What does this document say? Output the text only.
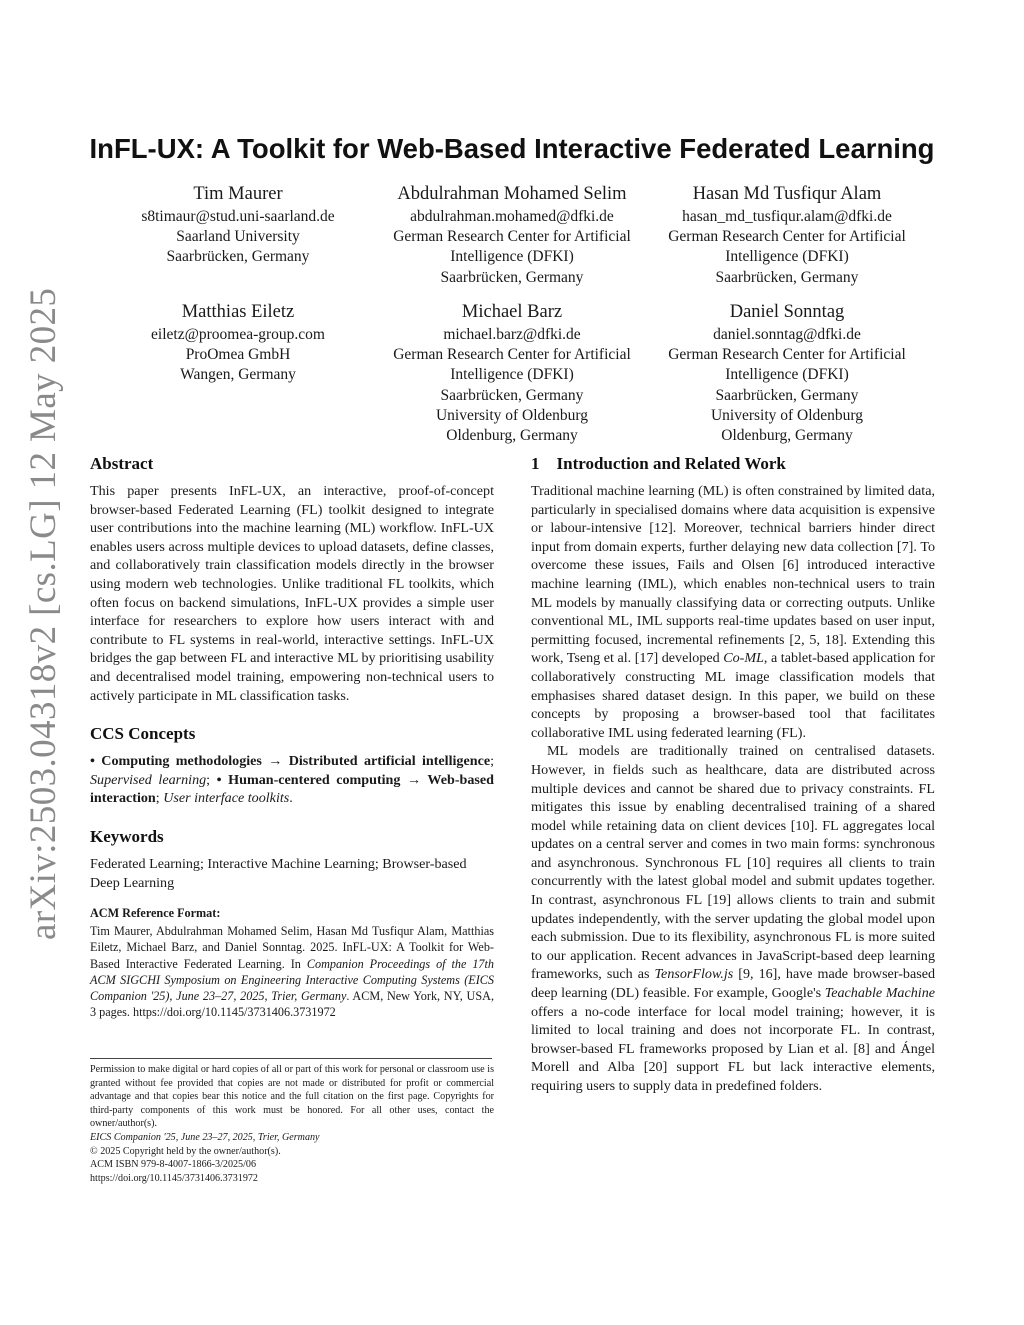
arXiv:2503.04318v2 [cs.LG] 12 May 2025
InFL-UX: A Toolkit for Web-Based Interactive Federated Learning
Tim Maurer
s8timaur@stud.uni-saarland.de
Saarland University
Saarbrücken, Germany
Abdulrahman Mohamed Selim
abdulrahman.mohamed@dfki.de
German Research Center for Artificial
Intelligence (DFKI)
Saarbrücken, Germany
Hasan Md Tusfiqur Alam
hasan_md_tusfiqur.alam@dfki.de
German Research Center for Artificial
Intelligence (DFKI)
Saarbrücken, Germany
Matthias Eiletz
eiletz@proomea-group.com
ProOmea GmbH
Wangen, Germany
Michael Barz
michael.barz@dfki.de
German Research Center for Artificial
Intelligence (DFKI)
Saarbrücken, Germany
University of Oldenburg
Oldenburg, Germany
Daniel Sonntag
daniel.sonntag@dfki.de
German Research Center for Artificial
Intelligence (DFKI)
Saarbrücken, Germany
University of Oldenburg
Oldenburg, Germany
Abstract

This paper presents InFL-UX, an interactive, proof-of-concept browser-based Federated Learning (FL) toolkit designed to integrate user contributions into the machine learning (ML) workflow. InFL-UX enables users across multiple devices to upload datasets, define classes, and collaboratively train classification models directly in the browser using modern web technologies. Unlike traditional FL toolkits, which often focus on backend simulations, InFL-UX provides a simple user interface for researchers to explore how users interact with and contribute to FL systems in real-world, interactive settings. InFL-UX bridges the gap between FL and interactive ML by prioritising usability and decentralised model training, empowering non-technical users to actively participate in ML classification tasks.

CCS Concepts

• Computing methodologies → Distributed artificial intelligence; Supervised learning; • Human-centered computing → Web-based interaction; User interface toolkits.

Keywords

Federated Learning; Interactive Machine Learning; Browser-based Deep Learning

ACM Reference Format:

Tim Maurer, Abdulrahman Mohamed Selim, Hasan Md Tusfiqur Alam, Matthias Eiletz, Michael Barz, and Daniel Sonntag. 2025. InFL-UX: A Toolkit for Web-Based Interactive Federated Learning. In Companion Proceedings of the 17th ACM SIGCHI Symposium on Engineering Interactive Computing Systems (EICS Companion '25), June 23–27, 2025, Trier, Germany. ACM, New York, NY, USA, 3 pages. https://doi.org/10.1145/3731406.3731972

Permission to make digital or hard copies of all or part of this work for personal or classroom use is granted without fee provided that copies are not made or distributed for profit or commercial advantage and that copies bear this notice and the full citation on the first page. Copyrights for third-party components of this work must be honored. For all other uses, contact the owner/author(s).

EICS Companion '25, June 23–27, 2025, Trier, Germany

© 2025 Copyright held by the owner/author(s).

ACM ISBN 979-8-4007-1866-3/2025/06

https://doi.org/10.1145/3731406.3731972

1    Introduction and Related Work

Traditional machine learning (ML) is often constrained by limited data, particularly in specialised domains where data acquisition is expensive or labour-intensive [12]. Moreover, technical barriers hinder direct input from domain experts, further delaying new data collection [7]. To overcome these issues, Fails and Olsen [6] introduced interactive machine learning (IML), which enables non-technical users to train ML models by manually classifying data or correcting outputs. Unlike conventional ML, IML supports real-time updates based on user input, permitting focused, incremental refinements [2, 5, 18]. Extending this work, Tseng et al. [17] developed Co-ML, a tablet-based application for collaboratively constructing ML image classification models that emphasises shared dataset design. In this paper, we build on these concepts by proposing a browser-based tool that facilitates collaborative IML using federated learning (FL).

ML models are traditionally trained on centralised datasets. However, in fields such as healthcare, data are distributed across multiple devices and cannot be shared due to privacy constraints. FL mitigates this issue by enabling decentralised training of a shared model while retaining data on client devices [10]. FL aggregates local updates on a central server and comes in two main forms: synchronous and asynchronous. Synchronous FL [10] requires all clients to train concurrently with the latest global model and submit updates together. In contrast, asynchronous FL [19] allows clients to train and submit updates independently, with the server updating the global model upon each submission. Due to its flexibility, asynchronous FL is more suited to our application. Recent advances in JavaScript-based deep learning frameworks, such as TensorFlow.js [9, 16], have made browser-based deep learning (DL) feasible. For example, Google's Teachable Machine offers a no-code interface for local model training; however, it is limited to local training and does not incorporate FL. In contrast, browser-based FL frameworks proposed by Lian et al. [8] and Ángel Morell and Alba [20] support FL but lack interactive elements, requiring users to supply data in predefined folders.
